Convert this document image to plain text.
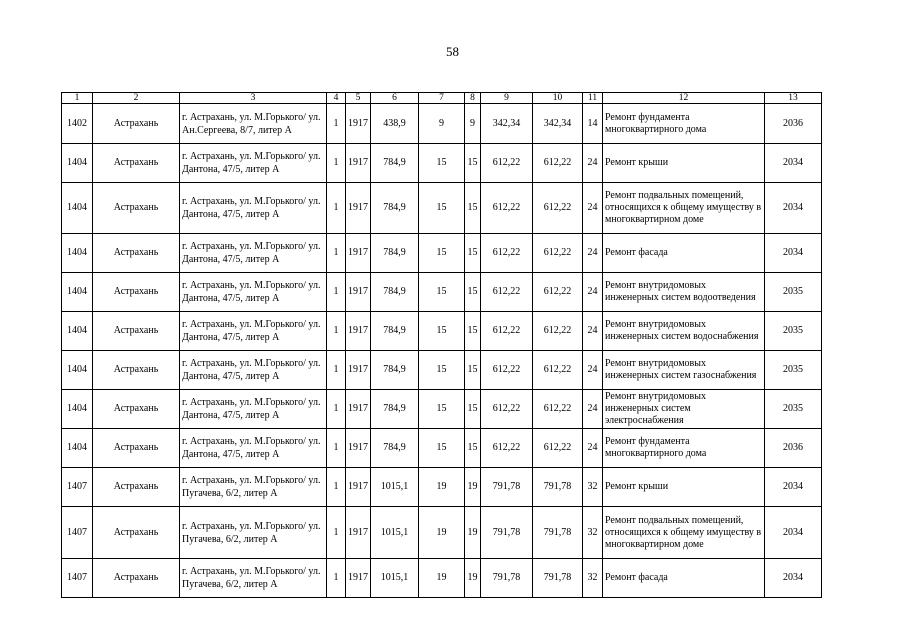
58
1	2	3	4	5	6	7	8	9	10	11	12	13
1402	Астрахань	г. Астрахань, ул. М.Горького/ ул. Ан.Сергеева, 8/7, литер А	1	1917	438,9	9	9	342,34	342,34	14	Ремонт фундамента многоквартирного дома	2036
1404	Астрахань	г. Астрахань, ул. М.Горького/ ул. Дантона, 47/5, литер А	1	1917	784,9	15	15	612,22	612,22	24	Ремонт крыши	2034
1404	Астрахань	г. Астрахань, ул. М.Горького/ ул. Дантона, 47/5, литер А	1	1917	784,9	15	15	612,22	612,22	24	Ремонт подвальных помещений, относящихся к общему имуществу в многоквартирном доме	2034
1404	Астрахань	г. Астрахань, ул. М.Горького/ ул. Дантона, 47/5, литер А	1	1917	784,9	15	15	612,22	612,22	24	Ремонт фасада	2034
1404	Астрахань	г. Астрахань, ул. М.Горького/ ул. Дантона, 47/5, литер А	1	1917	784,9	15	15	612,22	612,22	24	Ремонт внутридомовых инженерных систем водоотведения	2035
1404	Астрахань	г. Астрахань, ул. М.Горького/ ул. Дантона, 47/5, литер А	1	1917	784,9	15	15	612,22	612,22	24	Ремонт внутридомовых инженерных систем водоснабжения	2035
1404	Астрахань	г. Астрахань, ул. М.Горького/ ул. Дантона, 47/5, литер А	1	1917	784,9	15	15	612,22	612,22	24	Ремонт внутридомовых инженерных систем газоснабжения	2035
1404	Астрахань	г. Астрахань, ул. М.Горького/ ул. Дантона, 47/5, литер А	1	1917	784,9	15	15	612,22	612,22	24	Ремонт внутридомовых инженерных систем электроснабжения	2035
1404	Астрахань	г. Астрахань, ул. М.Горького/ ул. Дантона, 47/5, литер А	1	1917	784,9	15	15	612,22	612,22	24	Ремонт фундамента многоквартирного дома	2036
1407	Астрахань	г. Астрахань, ул. М.Горького/ ул. Пугачева, 6/2, литер А	1	1917	1015,1	19	19	791,78	791,78	32	Ремонт крыши	2034
1407	Астрахань	г. Астрахань, ул. М.Горького/ ул. Пугачева, 6/2, литер А	1	1917	1015,1	19	19	791,78	791,78	32	Ремонт подвальных помещений, относящихся к общему имуществу в многоквартирном доме	2034
1407	Астрахань	г. Астрахань, ул. М.Горького/ ул. Пугачева, 6/2, литер А	1	1917	1015,1	19	19	791,78	791,78	32	Ремонт фасада	2034
